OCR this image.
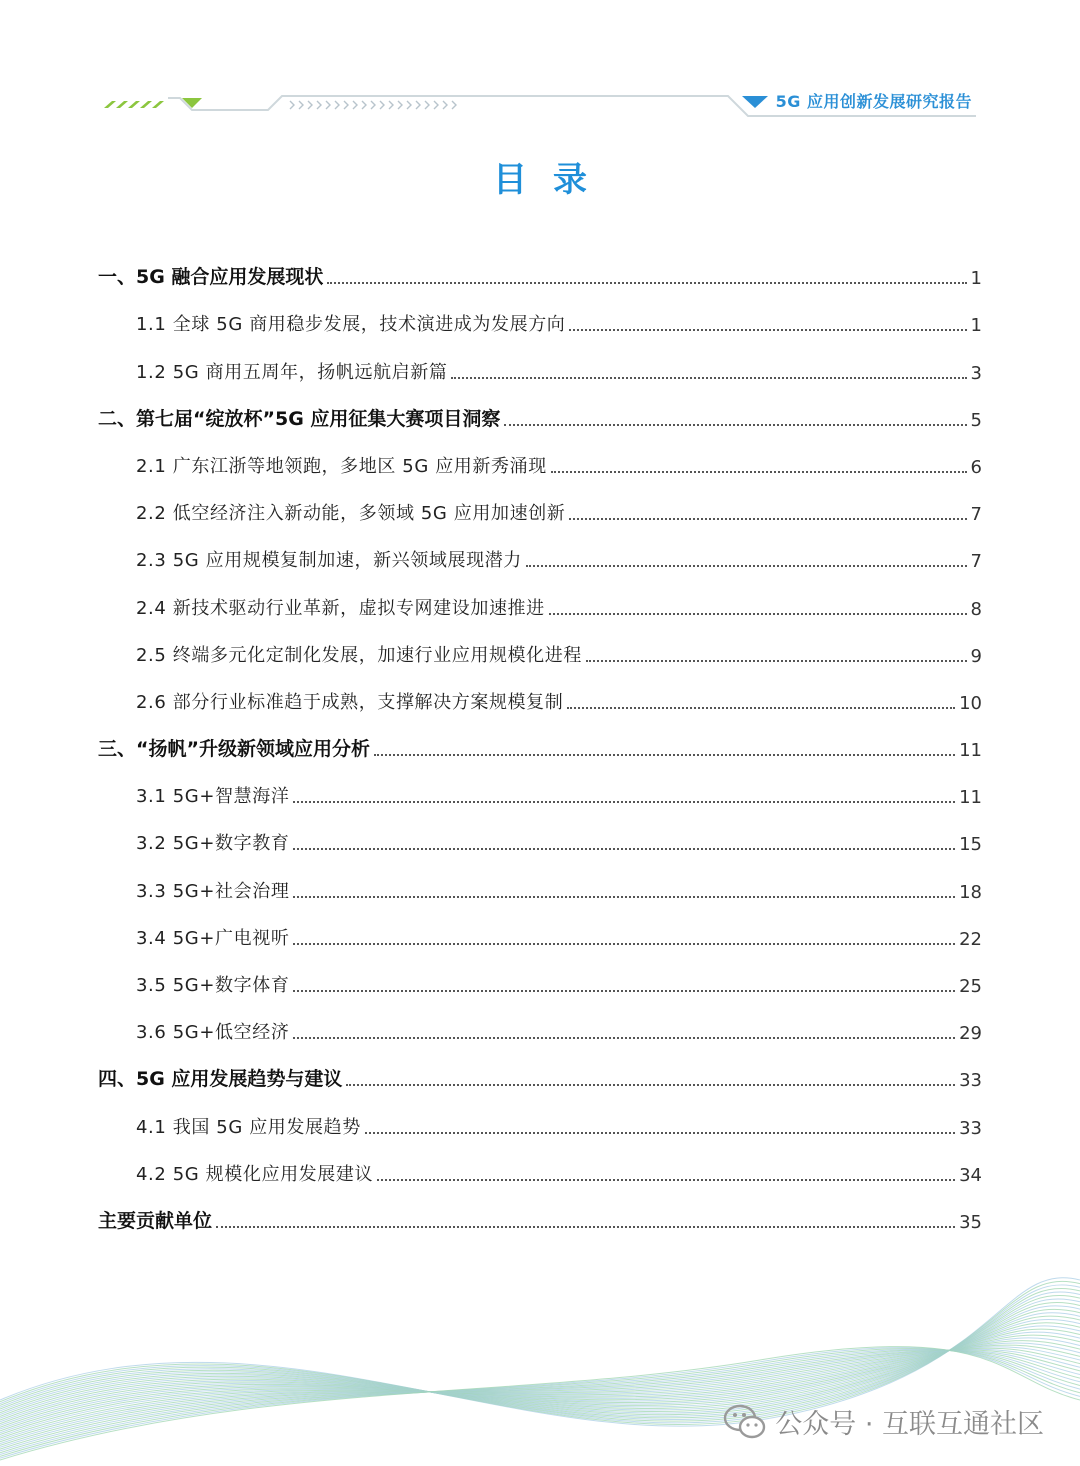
5G 应用创新发展研究报告
目录
一、5G 融合应用发展现状	1
1.1 全球 5G 商用稳步发展，技术演进成为发展方向	1
1.2 5G 商用五周年，扬帆远航启新篇	3
二、第七届“绽放杯”5G 应用征集大赛项目洞察	5
2.1 广东江浙等地领跑，多地区 5G 应用新秀涌现	6
2.2 低空经济注入新动能，多领域 5G 应用加速创新	7
2.3 5G 应用规模复制加速，新兴领域展现潜力	7
2.4 新技术驱动行业革新，虚拟专网建设加速推进	8
2.5 终端多元化定制化发展，加速行业应用规模化进程	9
2.6 部分行业标准趋于成熟，支撑解决方案规模复制	10
三、“扬帆”升级新领域应用分析	11
3.1 5G+智慧海洋	11
3.2 5G+数字教育	15
3.3 5G+社会治理	18
3.4 5G+广电视听	22
3.5 5G+数字体育	25
3.6 5G+低空经济	29
四、5G 应用发展趋势与建议	33
4.1 我国 5G 应用发展趋势	33
4.2 5G 规模化应用发展建议	34
主要贡献单位	35
公众号 · 互联互通社区
